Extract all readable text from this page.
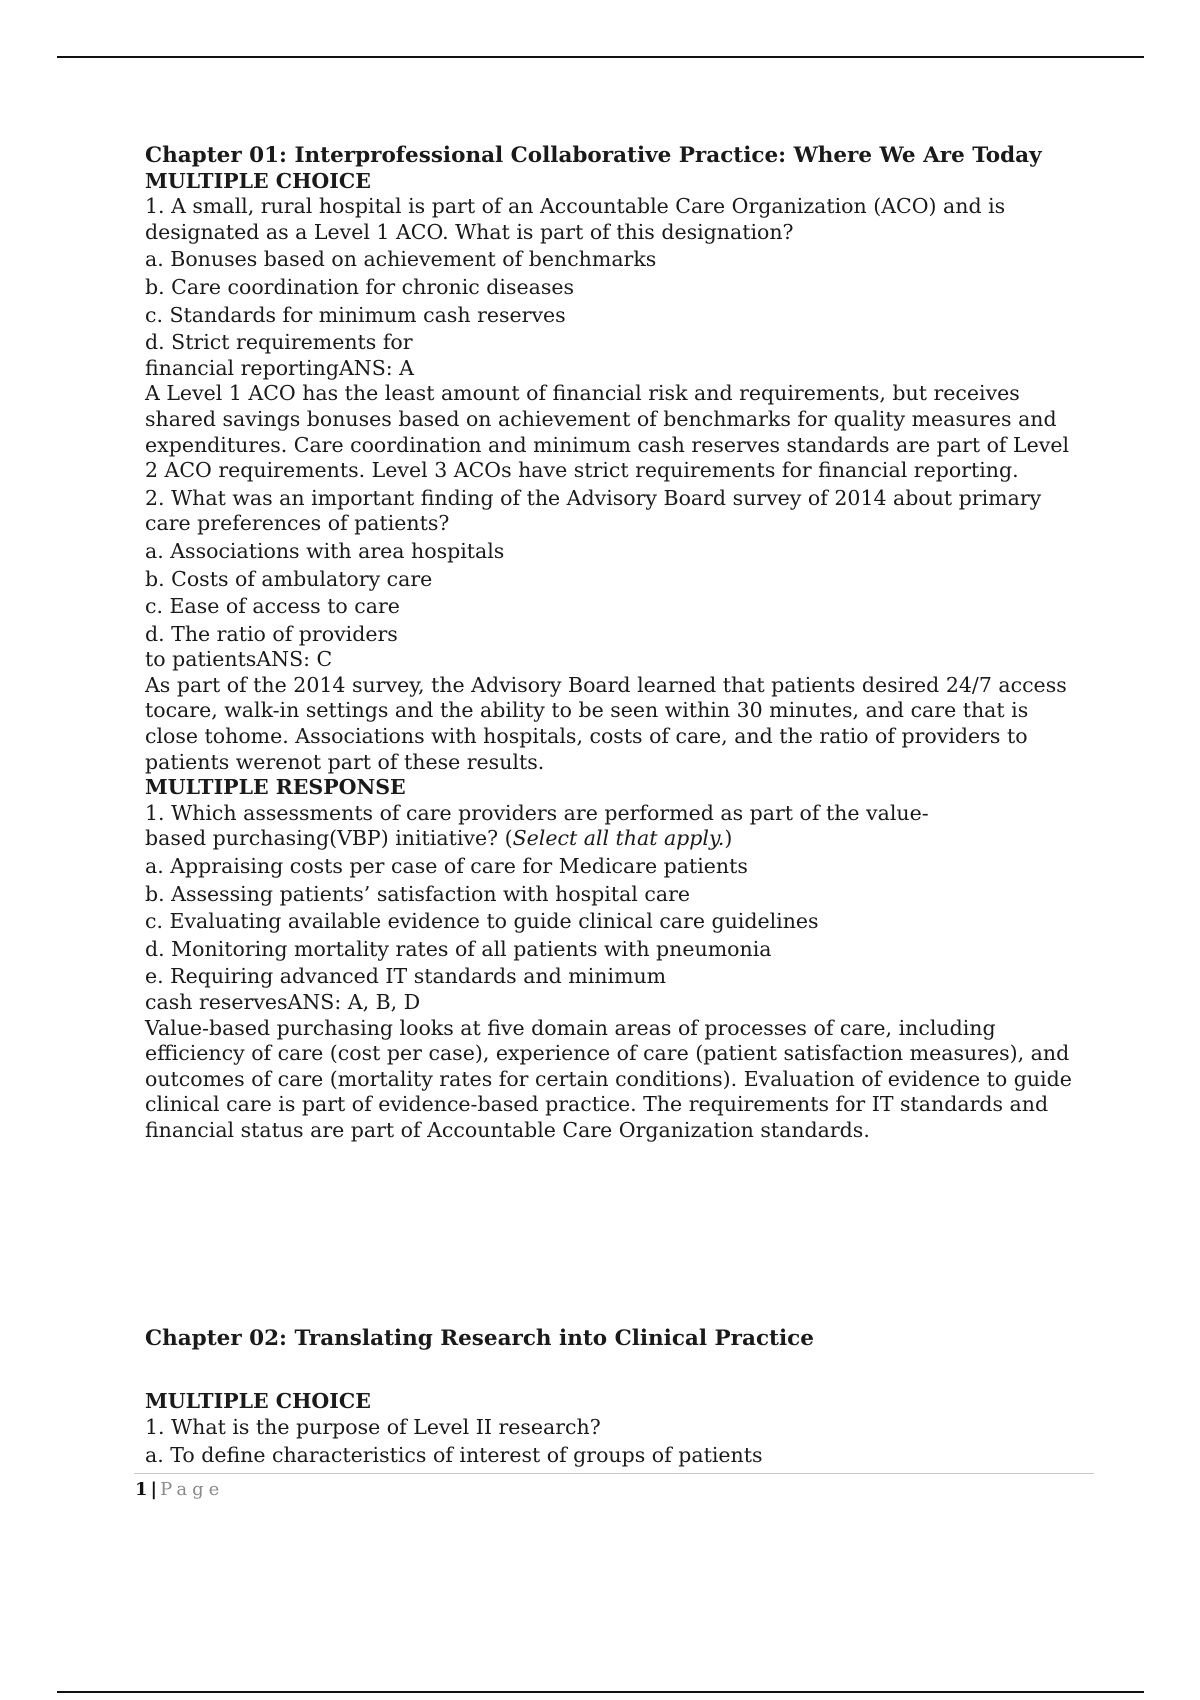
Chapter 01: Interprofessional Collaborative Practice: Where We Are Today

MULTIPLE CHOICE

1. A small, rural hospital is part of an Accountable Care Organization (ACO) and is designated as a Level 1 ACO. What is part of this designation?

a. Bonuses based on achievement of benchmarks

b. Care coordination for chronic diseases

c. Standards for minimum cash reserves

d. Strict requirements for financial reportingANS: A

A Level 1 ACO has the least amount of financial risk and requirements, but receives shared savings bonuses based on achievement of benchmarks for quality measures and expenditures. Care coordination and minimum cash reserves standards are part of Level 2 ACO requirements. Level 3 ACOs have strict requirements for financial reporting.

2. What was an important finding of the Advisory Board survey of 2014 about primary care preferences of patients?

a. Associations with area hospitals

b. Costs of ambulatory care

c. Ease of access to care

d. The ratio of providers to patientsANS: C

As part of the 2014 survey, the Advisory Board learned that patients desired 24/7 access tocare, walk-in settings and the ability to be seen within 30 minutes, and care that is close tohome. Associations with hospitals, costs of care, and the ratio of providers to patients werenot part of these results.

MULTIPLE RESPONSE

1. Which assessments of care providers are performed as part of the value-based purchasing(VBP) initiative? (Select all that apply.)

a. Appraising costs per case of care for Medicare patients

b. Assessing patients’ satisfaction with hospital care

c. Evaluating available evidence to guide clinical care guidelines

d. Monitoring mortality rates of all patients with pneumonia

e. Requiring advanced IT standards and minimum cash reservesANS: A, B, D

Value-based purchasing looks at five domain areas of processes of care, including efficiency of care (cost per case), experience of care (patient satisfaction measures), and outcomes of care (mortality rates for certain conditions). Evaluation of evidence to guide clinical care is part of evidence-based practice. The requirements for IT standards and financial status are part of Accountable Care Organization standards.

Chapter 02: Translating Research into Clinical Practice

MULTIPLE CHOICE

1. What is the purpose of Level II research?

a. To define characteristics of interest of groups of patients

1 | Page
